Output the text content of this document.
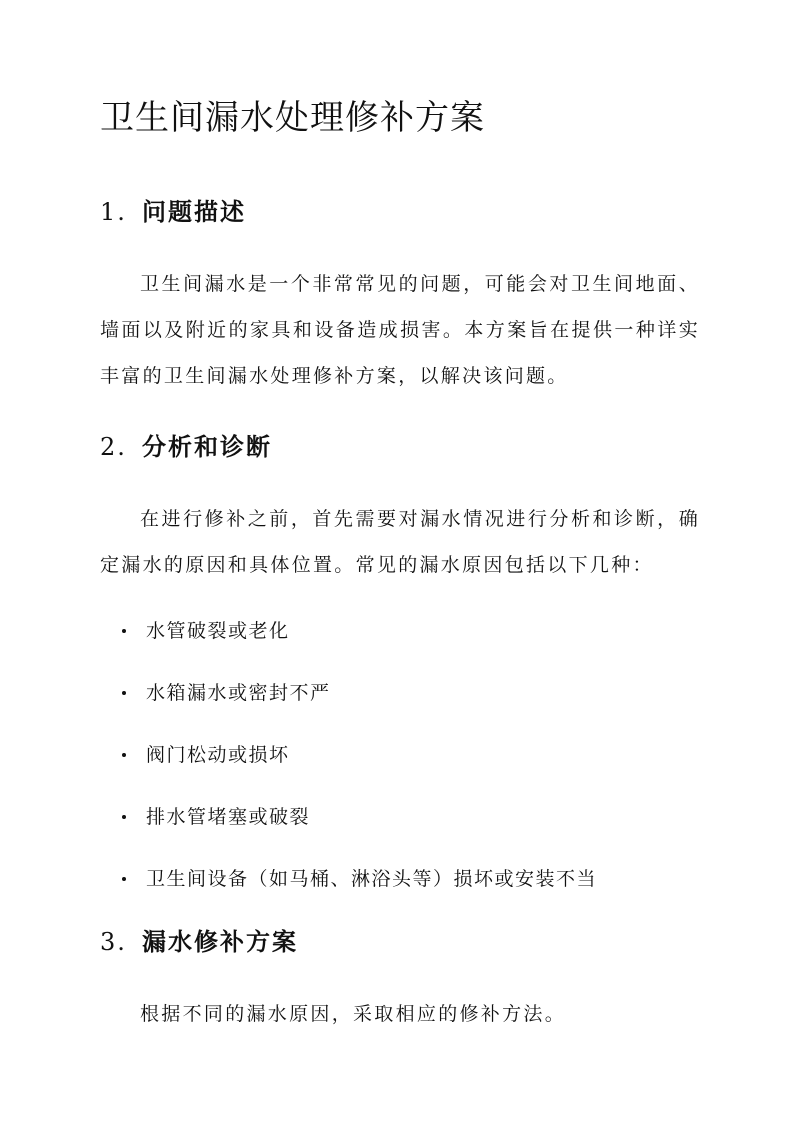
卫生间漏水处理修补方案
1. 问题描述

卫生间漏水是一个非常常见的问题，可能会对卫生间地面、墙面以及附近的家具和设备造成损害。本方案旨在提供一种详实丰富的卫生间漏水处理修补方案，以解决该问题。

2. 分析和诊断

在进行修补之前，首先需要对漏水情况进行分析和诊断，确定漏水的原因和具体位置。常见的漏水原因包括以下几种：

水管破裂或老化
水箱漏水或密封不严
阀门松动或损坏
排水管堵塞或破裂
卫生间设备（如马桶、淋浴头等）损坏或安装不当
3. 漏水修补方案

根据不同的漏水原因，采取相应的修补方法。
